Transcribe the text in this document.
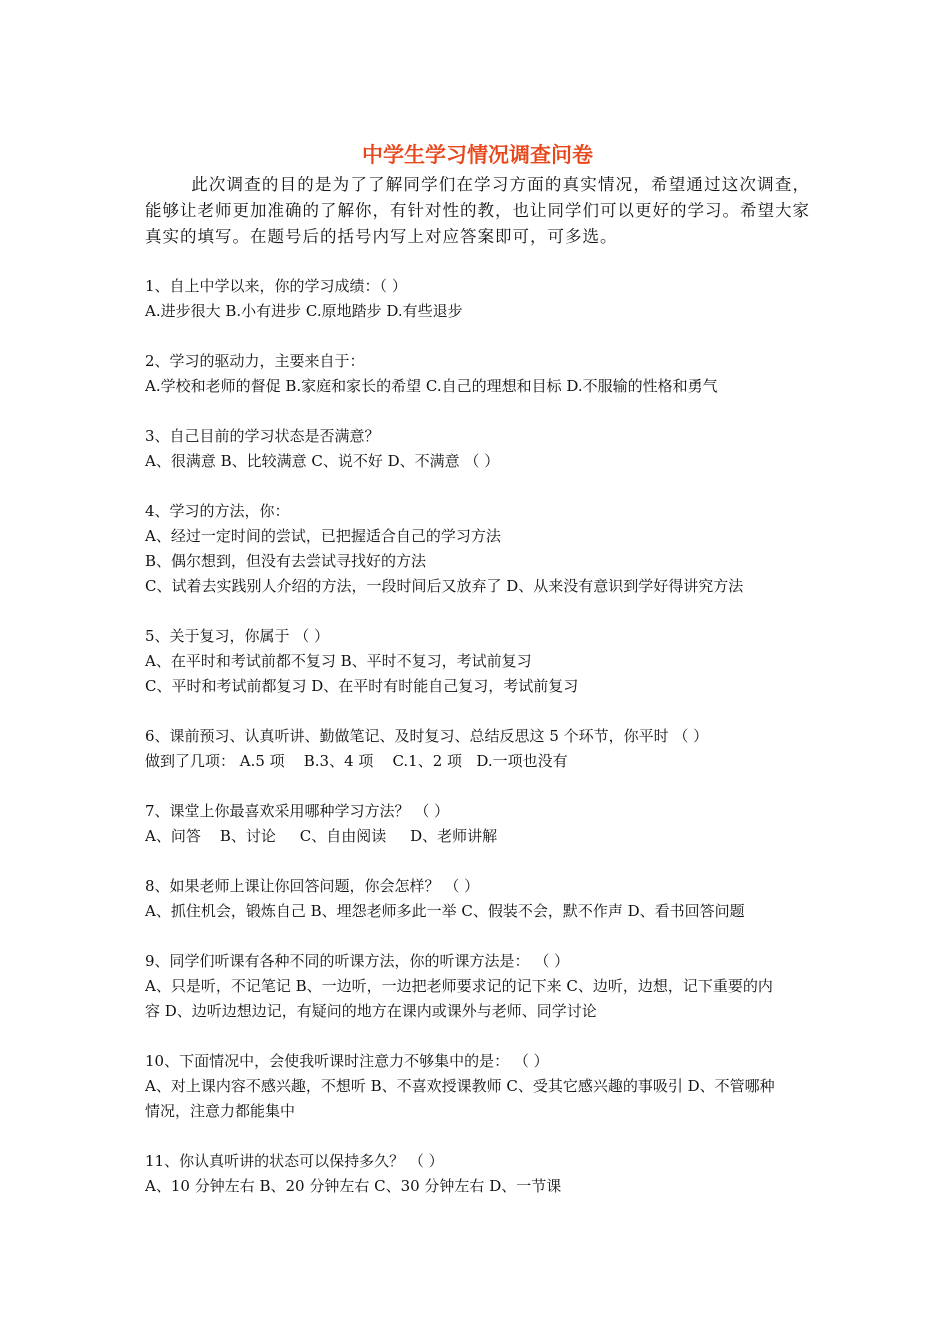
中学生学习情况调查问卷

此次调查的目的是为了了解同学们在学习方面的真实情况，希望通过这次调查，能够让老师更加准确的了解你，有针对性的教，也让同学们可以更好的学习。希望大家真实的填写。在题号后的括号内写上对应答案即可，可多选。

1、自上中学以来，你的学习成绩：（ ）
A.进步很大 B.小有进步 C.原地踏步 D.有些退步
2、学习的驱动力，主要来自于：
A.学校和老师的督促 B.家庭和家长的希望 C.自己的理想和目标 D.不服输的性格和勇气
3、自己目前的学习状态是否满意？
A、很满意 B、比较满意 C、说不好 D、不满意 （ ）
4、学习的方法，你：
A、经过一定时间的尝试，已把握适合自己的学习方法
B、偶尔想到，但没有去尝试寻找好的方法
C、试着去实践别人介绍的方法，一段时间后又放弃了 D、从来没有意识到学好得讲究方法
5、关于复习，你属于 （ ）
A、在平时和考试前都不复习 B、平时不复习，考试前复习
C、平时和考试前都复习 D、在平时有时能自己复习，考试前复习
6、课前预习、认真听讲、勤做笔记、及时复习、总结反思这 5 个环节，你平时 （ ）
做到了几项： A.5 项    B.3、4 项    C.1、2 项   D.一项也没有
7、课堂上你最喜欢采用哪种学习方法？ （ ）
A、问答    B、讨论     C、自由阅读     D、老师讲解
8、如果老师上课让你回答问题，你会怎样？ （ ）
A、抓住机会，锻炼自己 B、埋怨老师多此一举 C、假装不会，默不作声 D、看书回答问题
9、同学们听课有各种不同的听课方法，你的听课方法是： （ ）
A、只是听，不记笔记 B、一边听，一边把老师要求记的记下来 C、边听，边想，记下重要的内
容 D、边听边想边记，有疑问的地方在课内或课外与老师、同学讨论
10、下面情况中，会使我听课时注意力不够集中的是： （ ）
A、对上课内容不感兴趣，不想听 B、不喜欢授课教师 C、受其它感兴趣的事吸引 D、不管哪种
情况，注意力都能集中
11、你认真听讲的状态可以保持多久？ （ ）
A、10 分钟左右 B、20 分钟左右 C、30 分钟左右 D、一节课
